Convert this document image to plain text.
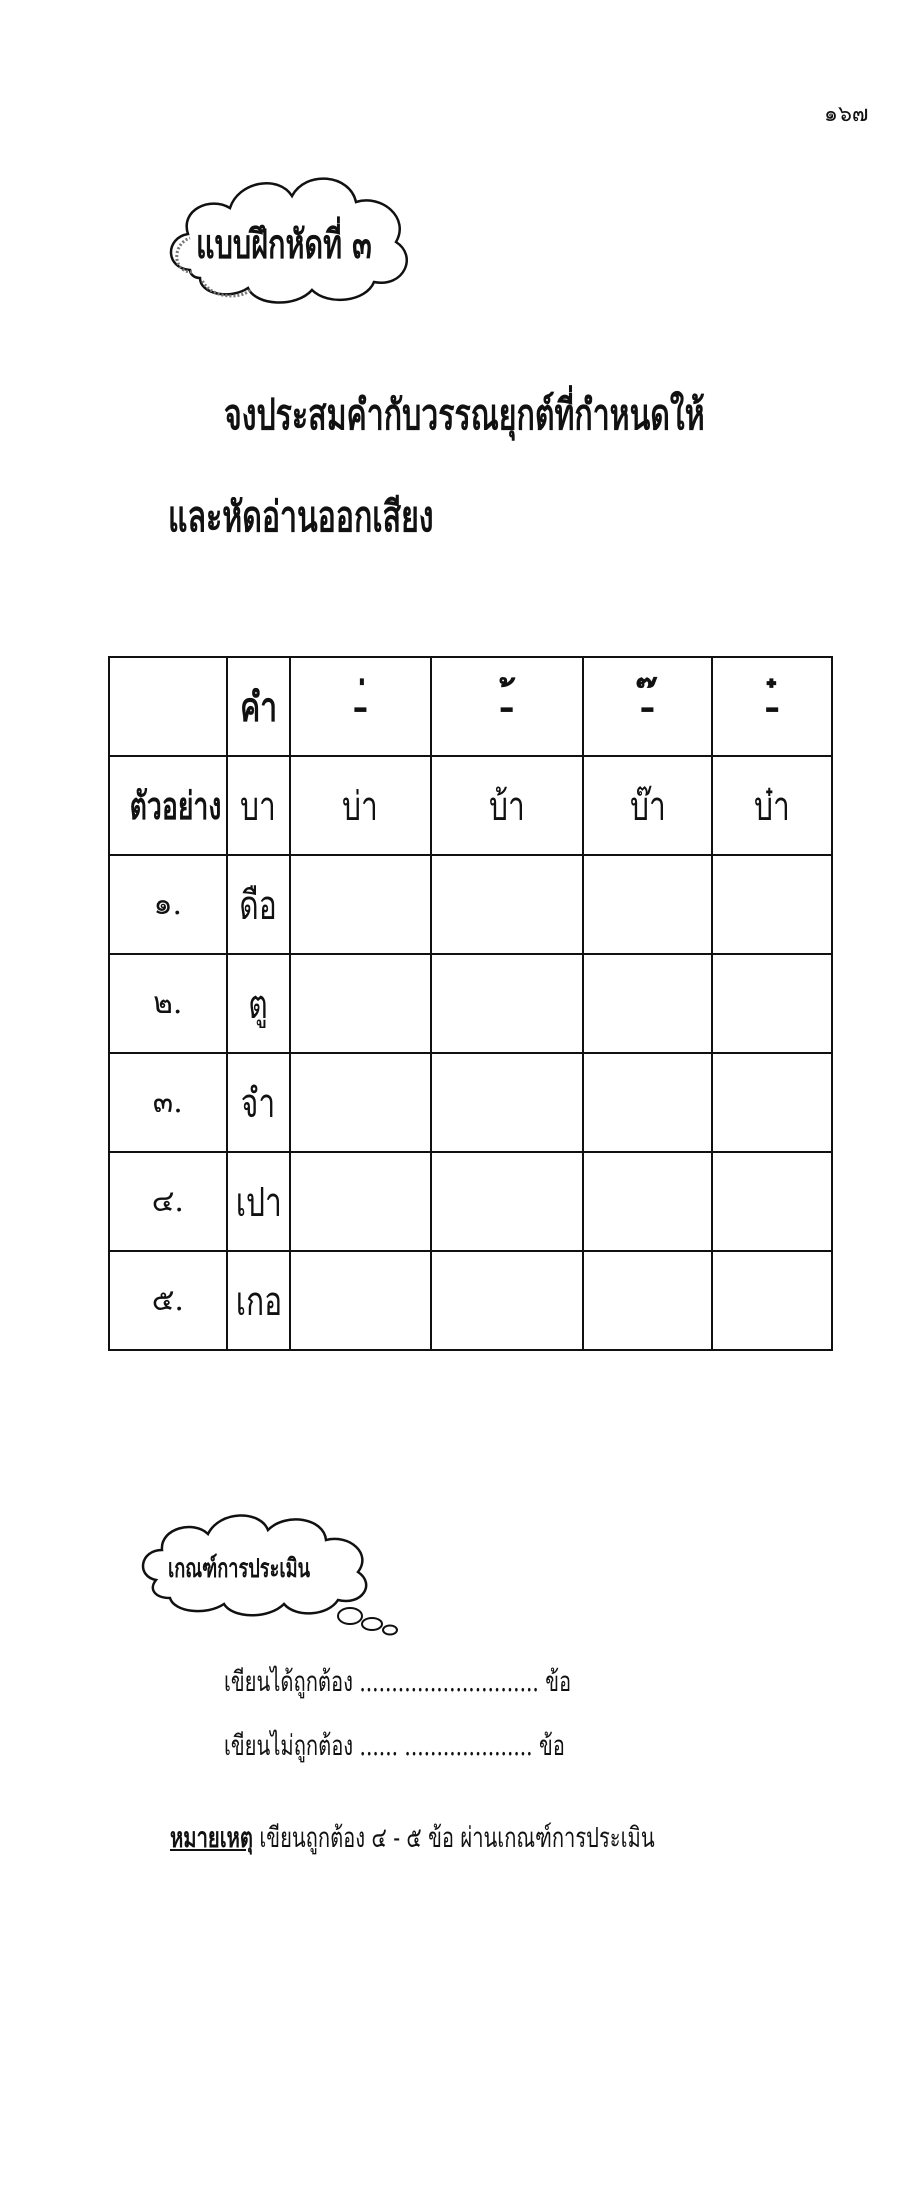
๑๖๗
แบบฝึกหัดที่ ๓
จงประสมคำกับวรรณยุกต์ที่กำหนดให้
และหัดอ่านออกเสียง
	คำ	-	-	-	-
ตัวอย่าง	บา	บ่า	บ้า	บ๊า	บ๋า
๑.	ดือ				
๒.	ตู				
๓.	จำ				
๔.	เปา				
๕.	เกอ				
เกณฑ์การประเมิน
เขียนได้ถูกต้อง ............................ ข้อ
เขียนไม่ถูกต้อง ...... .................... ข้อ
หมายเหตุ เขียนถูกต้อง ๔ - ๕ ข้อ ผ่านเกณฑ์การประเมิน
